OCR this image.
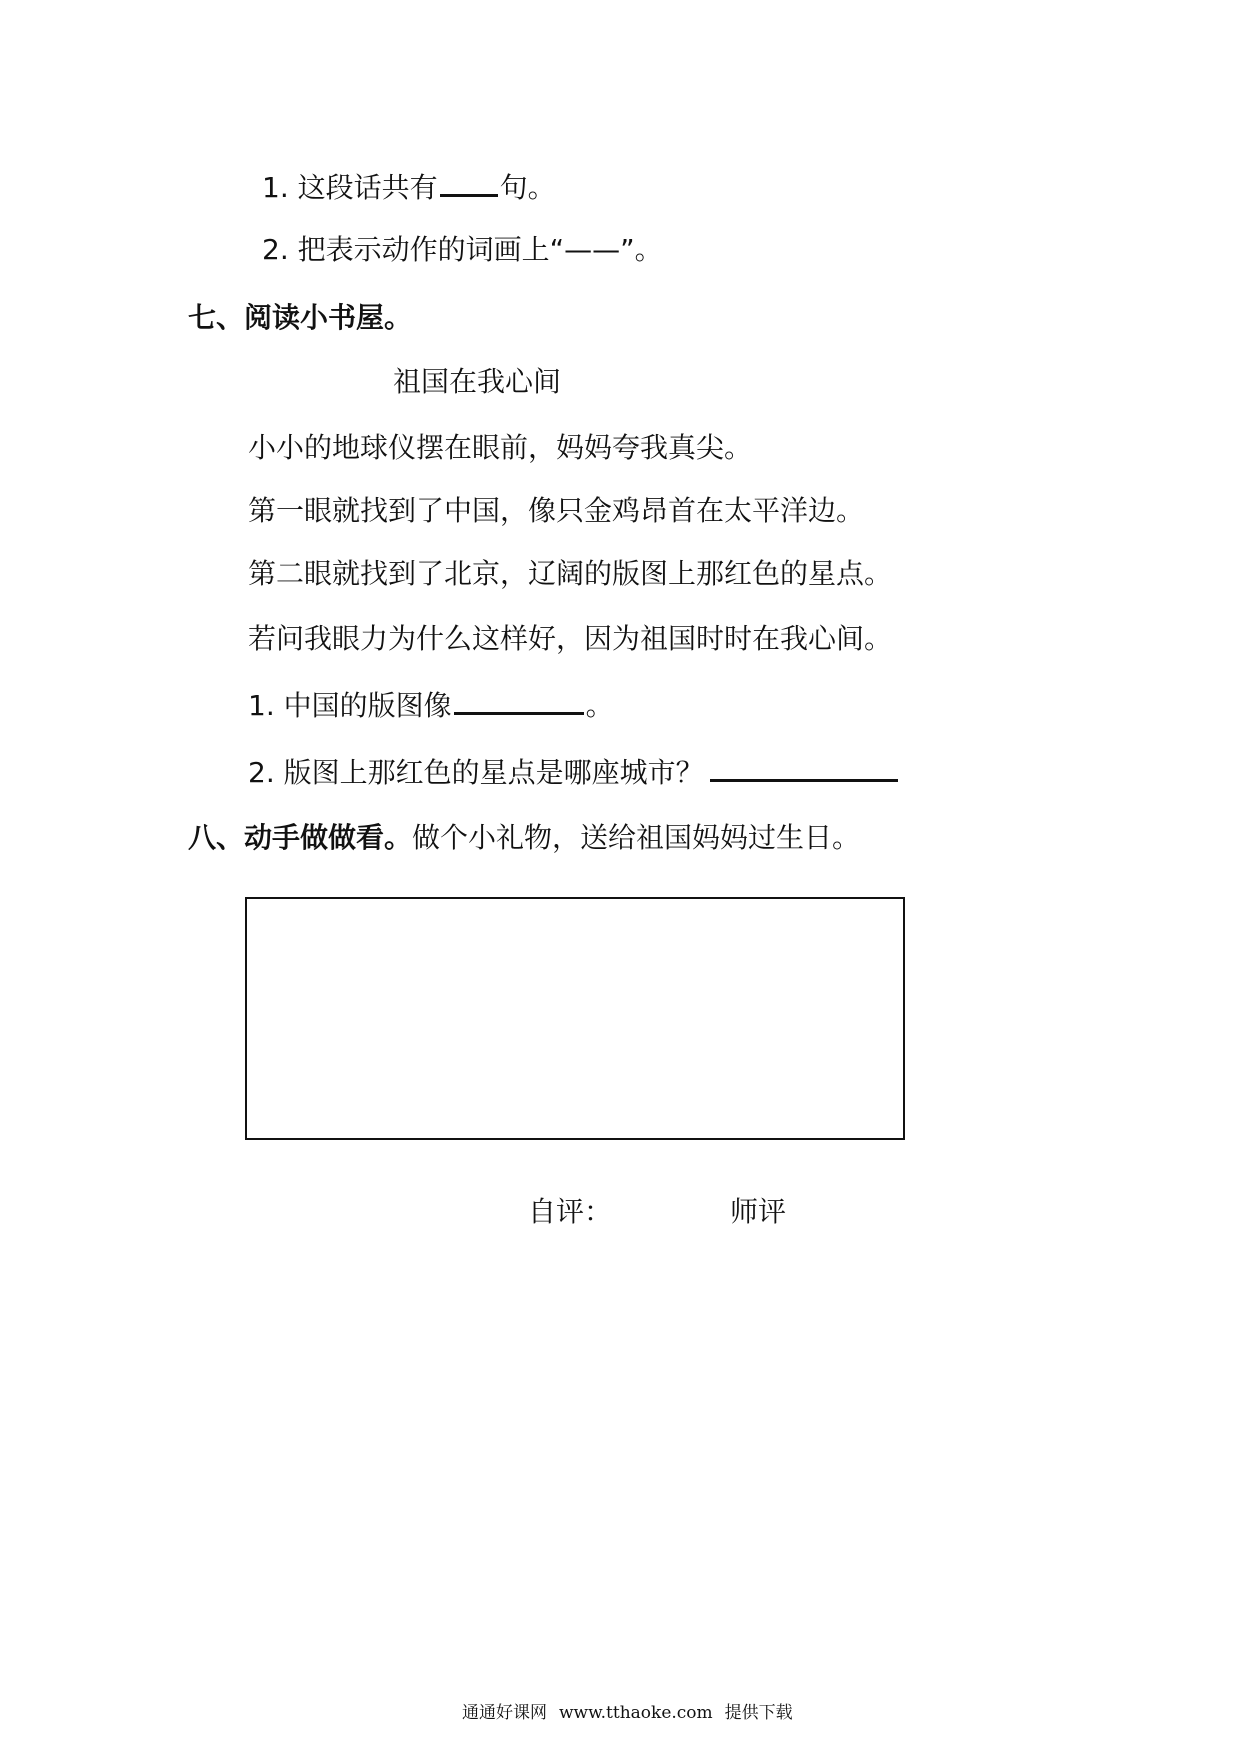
1. 这段话共有 句。
2. 把表示动作的词画上“——”。
七、阅读小书屋。
祖国在我心间
小小的地球仪摆在眼前，妈妈夸我真尖。
第一眼就找到了中国，像只金鸡昂首在太平洋边。
第二眼就找到了北京，辽阔的版图上那红色的星点。
若问我眼力为什么这样好，因为祖国时时在我心间。
1. 中国的版图像	。
2. 版图上那红色的星点是哪座城市？
八、动手做做看。做个小礼物，送给祖国妈妈过生日。
自评：	师评
通通好课网 www.tthaoke.com 提供下载
